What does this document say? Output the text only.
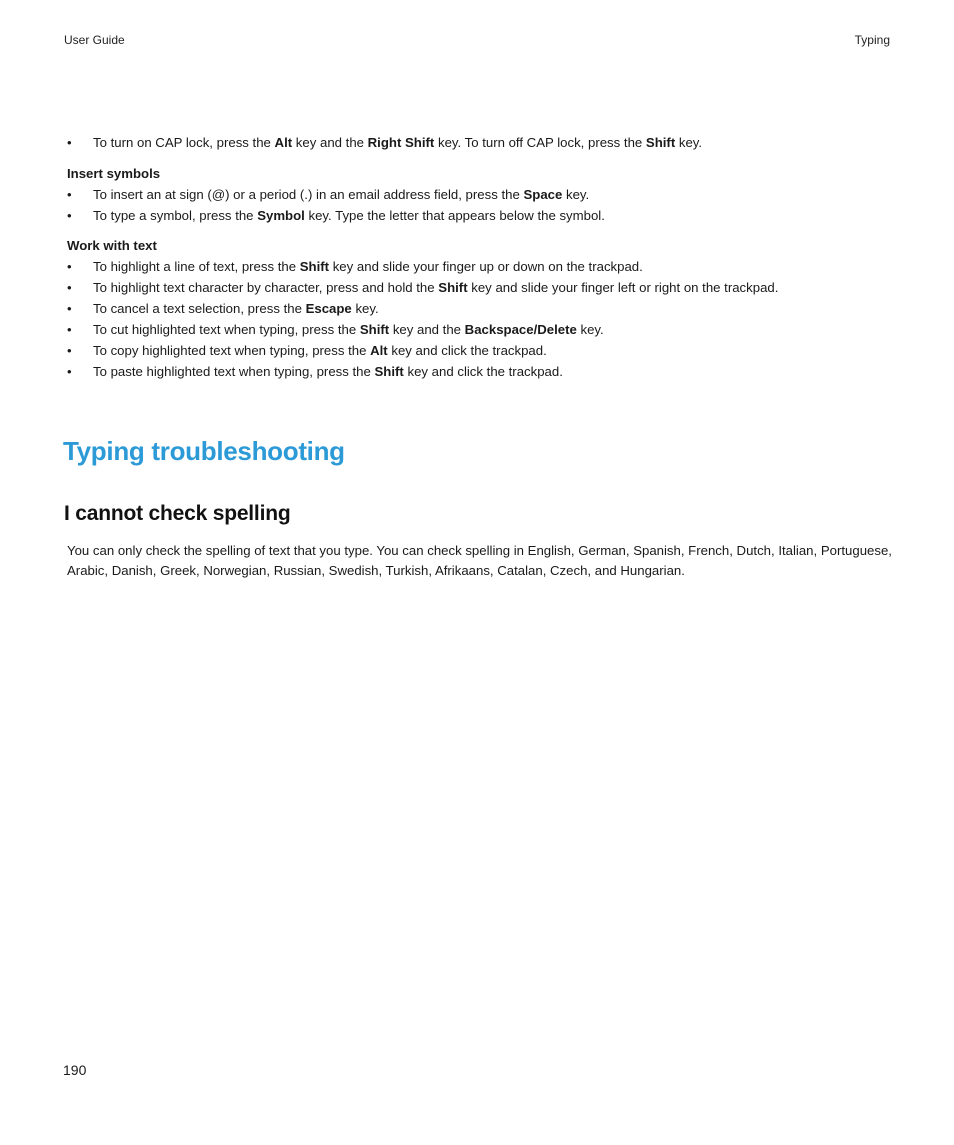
User Guide	Typing
• To turn on CAP lock, press the Alt key and the Right Shift key. To turn off CAP lock, press the Shift key.
Insert symbols
• To insert an at sign (@) or a period (.) in an email address field, press the Space key.
• To type a symbol, press the Symbol key. Type the letter that appears below the symbol.
Work with text
• To highlight a line of text, press the Shift key and slide your finger up or down on the trackpad.
• To highlight text character by character, press and hold the Shift key and slide your finger left or right on the trackpad.
• To cancel a text selection, press the Escape key.
• To cut highlighted text when typing, press the Shift key and the Backspace/Delete key.
• To copy highlighted text when typing, press the Alt key and click the trackpad.
• To paste highlighted text when typing, press the Shift key and click the trackpad.
Typing troubleshooting
I cannot check spelling

You can only check the spelling of text that you type. You can check spelling in English, German, Spanish, French, Dutch, Italian, Portuguese, Arabic, Danish, Greek, Norwegian, Russian, Swedish, Turkish, Afrikaans, Catalan, Czech, and Hungarian.

190
